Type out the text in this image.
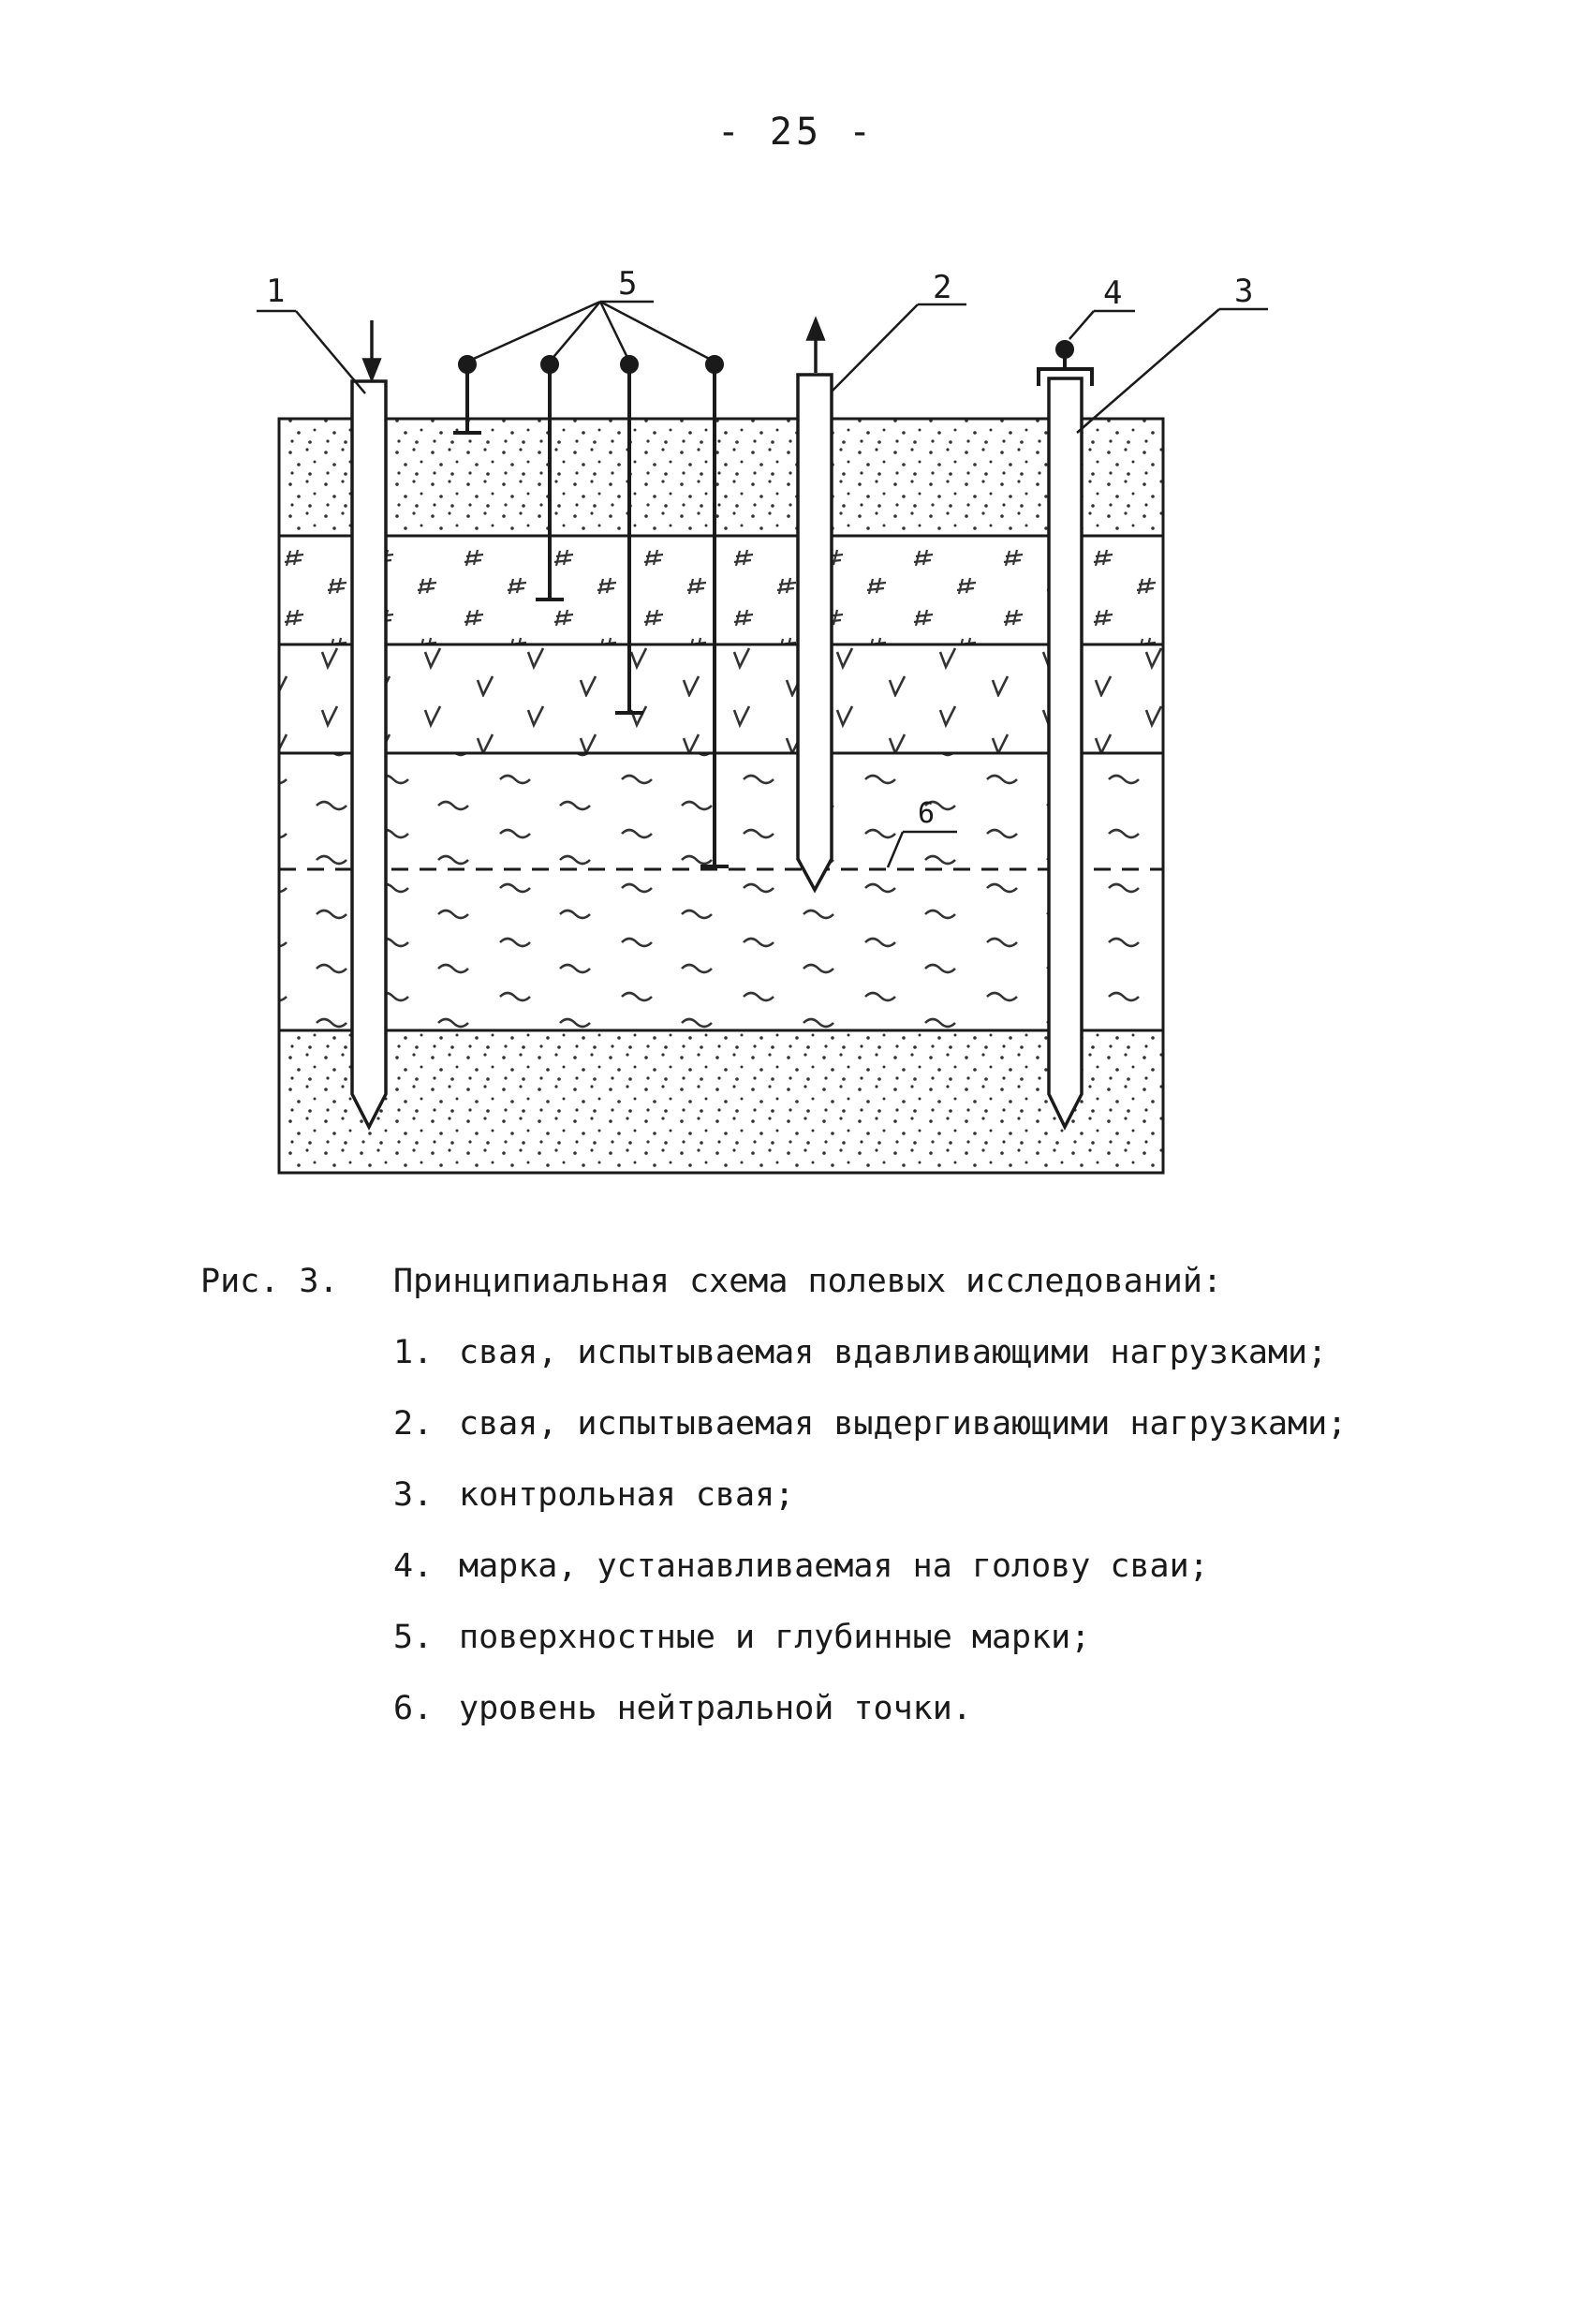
- 25 -
1	2	3
4
5
6
Рис. 3. Принципиальная схема полевых исследований:
1. свая, испытываемая вдавливающими нагрузками;
2. свая, испытываемая выдергивающими нагрузками;
3. контрольная свая;
4. марка, устанавливаемая на голову сваи;
5. поверхностные и глубинные марки;
6. уровень нейтральной точки.
